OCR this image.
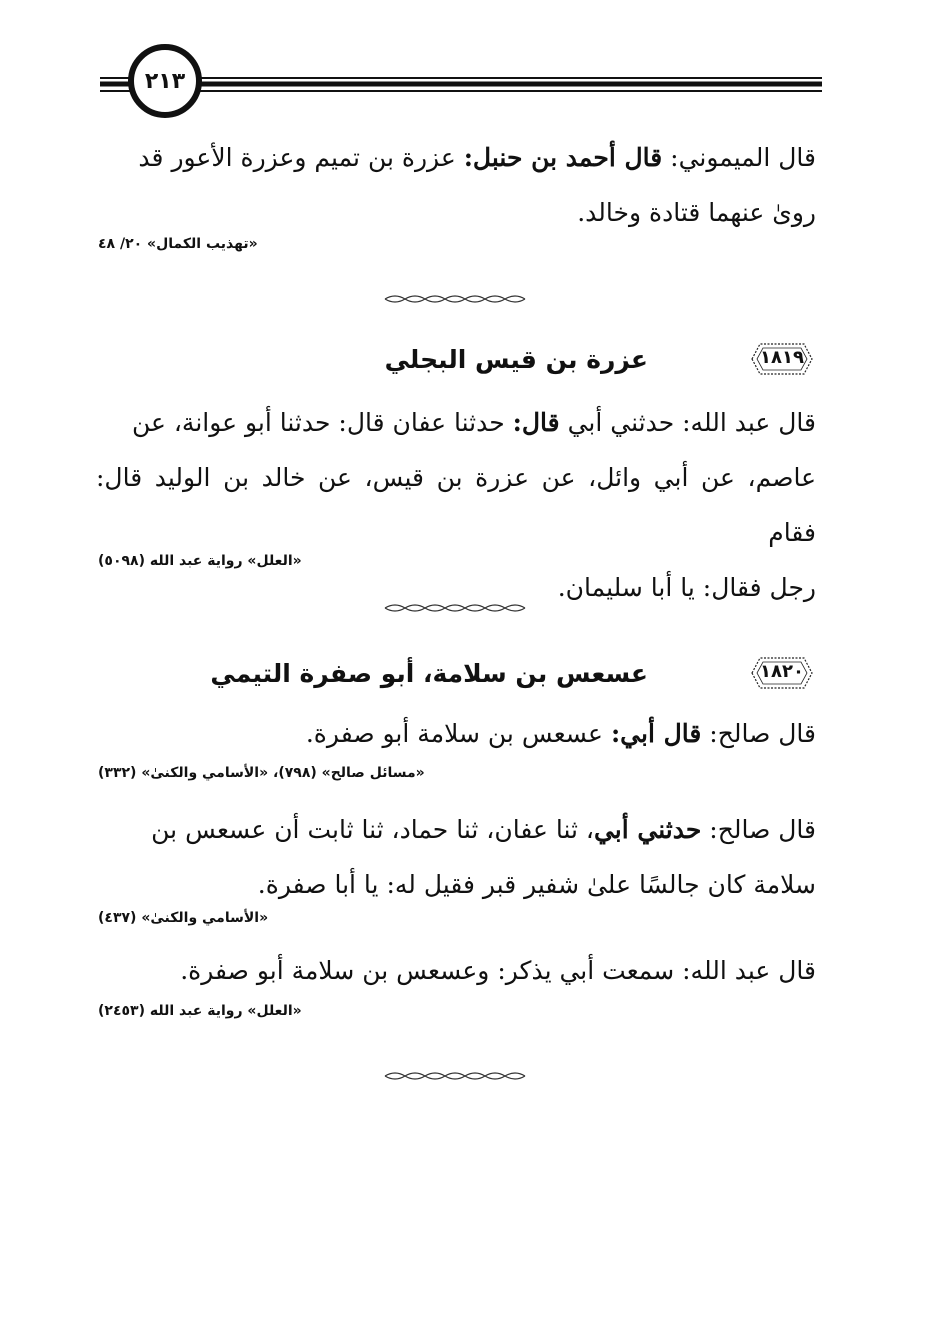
٢١٣
قال الميموني: قال أحمد بن حنبل: عزرة بن تميم وعزرة الأعور قد
روىٰ عنهما قتادة وخالد.
«تهذيب الكمال» ٢٠/ ٤٨
١٨١٩
عزرة بن قيس البجلي
قال عبد الله: حدثني أبي قال: حدثنا عفان قال: حدثنا أبو عوانة، عن
عاصم، عن أبي وائل، عن عزرة بن قيس، عن خالد بن الوليد قال: فقام
رجل فقال: يا أبا سليمان.
«العلل» رواية عبد الله (٥٠٩٨)
١٨٢٠
عسعس بن سلامة، أبو صفرة التيمي
قال صالح: قال أبي: عسعس بن سلامة أبو صفرة.
«مسائل صالح» (٧٩٨)، «الأسامي والكنىٰ» (٣٣٢)
قال صالح: حدثني أبي، ثنا عفان، ثنا حماد، ثنا ثابت أن عسعس بن
سلامة كان جالسًا علىٰ شفير قبر فقيل له: يا أبا صفرة.
«الأسامي والكنىٰ» (٤٣٧)
قال عبد الله: سمعت أبي يذكر: وعسعس بن سلامة أبو صفرة.
«العلل» رواية عبد الله (٢٤٥٣)
